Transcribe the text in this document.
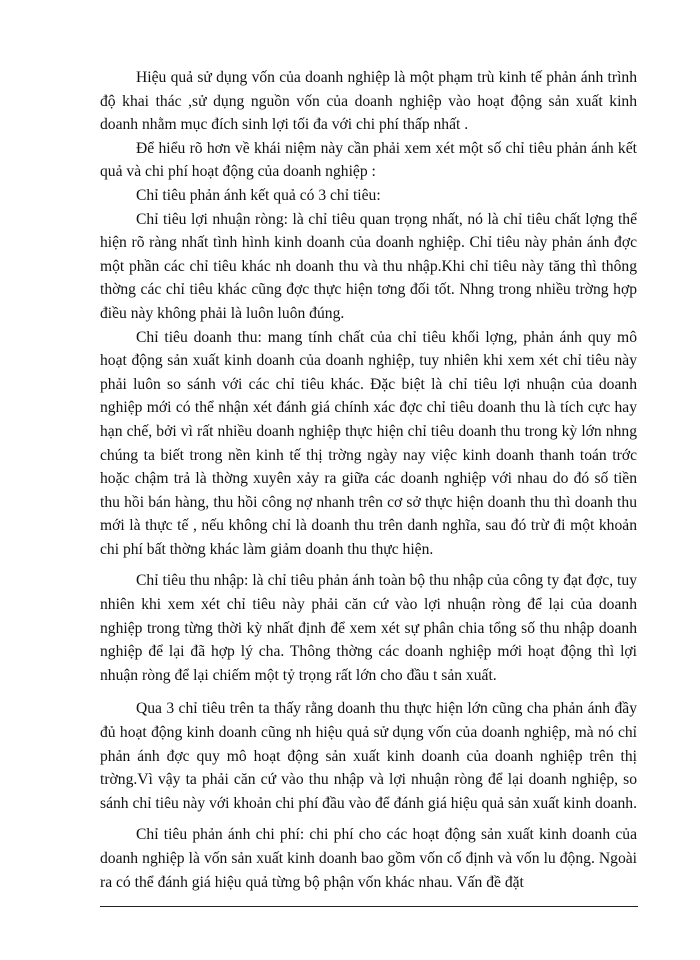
Hiệu quả sử dụng vốn của doanh nghiệp là một phạm trù kinh tế phản ánh trình độ khai thác ,sử dụng nguồn vốn của doanh nghiệp vào hoạt động sản xuất kinh doanh nhằm mục đích sinh lợi tối đa với chi phí thấp nhất .

Để hiểu rõ hơn về khái niệm này cần phải xem xét một số chỉ tiêu phản ánh kết quả và chi phí hoạt động của doanh nghiệp :

Chỉ tiêu phản ánh kết quả có 3 chỉ tiêu:

Chỉ tiêu lợi nhuận ròng: là chỉ tiêu quan trọng nhất, nó là chỉ tiêu chất lợng thể hiện rõ ràng nhất tình hình kinh doanh của doanh nghiệp. Chỉ tiêu này phản ánh đợc một phần các chỉ tiêu khác nh doanh thu và thu nhập.Khi chỉ tiêu này tăng thì thông thờng các chỉ tiêu khác cũng đợc thực hiện tơng đối tốt. Nhng trong nhiều trờng hợp điều này không phải là luôn luôn đúng.

Chỉ tiêu doanh thu: mang tính chất của chỉ tiêu khối lợng, phản ánh quy mô hoạt động sản xuất kinh doanh của doanh nghiệp, tuy nhiên khi xem xét chỉ tiêu này phải luôn so sánh với các chỉ tiêu khác. Đặc biệt là chỉ tiêu lợi nhuận của doanh nghiệp mới có thể nhận xét đánh giá chính xác đợc chỉ tiêu doanh thu là tích cực hay hạn chế, bởi vì rất nhiều doanh nghiệp thực hiện chỉ tiêu doanh thu trong kỳ lớn nhng chúng ta biết trong nền kinh tế thị trờng ngày nay việc kinh doanh thanh toán trớc hoặc chậm trả là thờng xuyên xảy ra giữa các doanh nghiệp với nhau do đó số tiền thu hồi bán hàng, thu hồi công nợ nhanh trên cơ sở thực hiện doanh thu thì doanh thu mới là thực tế , nếu không chỉ là doanh thu trên danh nghĩa, sau đó trừ đi một khoản chi phí bất thờng khác làm giảm doanh thu thực hiện.

Chỉ tiêu thu nhập: là chỉ tiêu phản ánh toàn bộ thu nhập của công ty đạt đợc, tuy nhiên khi xem xét chỉ tiêu này phải căn cứ vào lợi nhuận ròng để lại của doanh nghiệp trong từng thời kỳ nhất định để xem xét sự phân chia tổng số thu nhập doanh nghiệp để lại đã hợp lý cha. Thông thờng các doanh nghiệp mới hoạt động thì lợi nhuận ròng để lại chiếm một tỷ trọng rất lớn cho đầu t sản xuất.

Qua 3 chỉ tiêu trên ta thấy rằng doanh thu thực hiện lớn cũng cha phản ánh đầy đủ hoạt động kinh doanh cũng nh hiệu quả sử dụng vốn của doanh nghiệp, mà nó chỉ phản ánh đợc quy mô hoạt động sản xuất kinh doanh của doanh nghiệp trên thị trờng.Vì vậy ta phải căn cứ vào thu nhập và lợi nhuận ròng để lại doanh nghiệp, so sánh chỉ tiêu này với khoản chi phí đầu vào để đánh giá hiệu quả sản xuất kinh doanh.

Chỉ tiêu phản ánh chi phí: chi phí cho các hoạt động sản xuất kinh doanh của doanh nghiệp là vốn sản xuất kinh doanh bao gồm vốn cố định và vốn lu động. Ngoài ra có thể đánh giá hiệu quả từng bộ phận vốn khác nhau. Vấn đề đặt
